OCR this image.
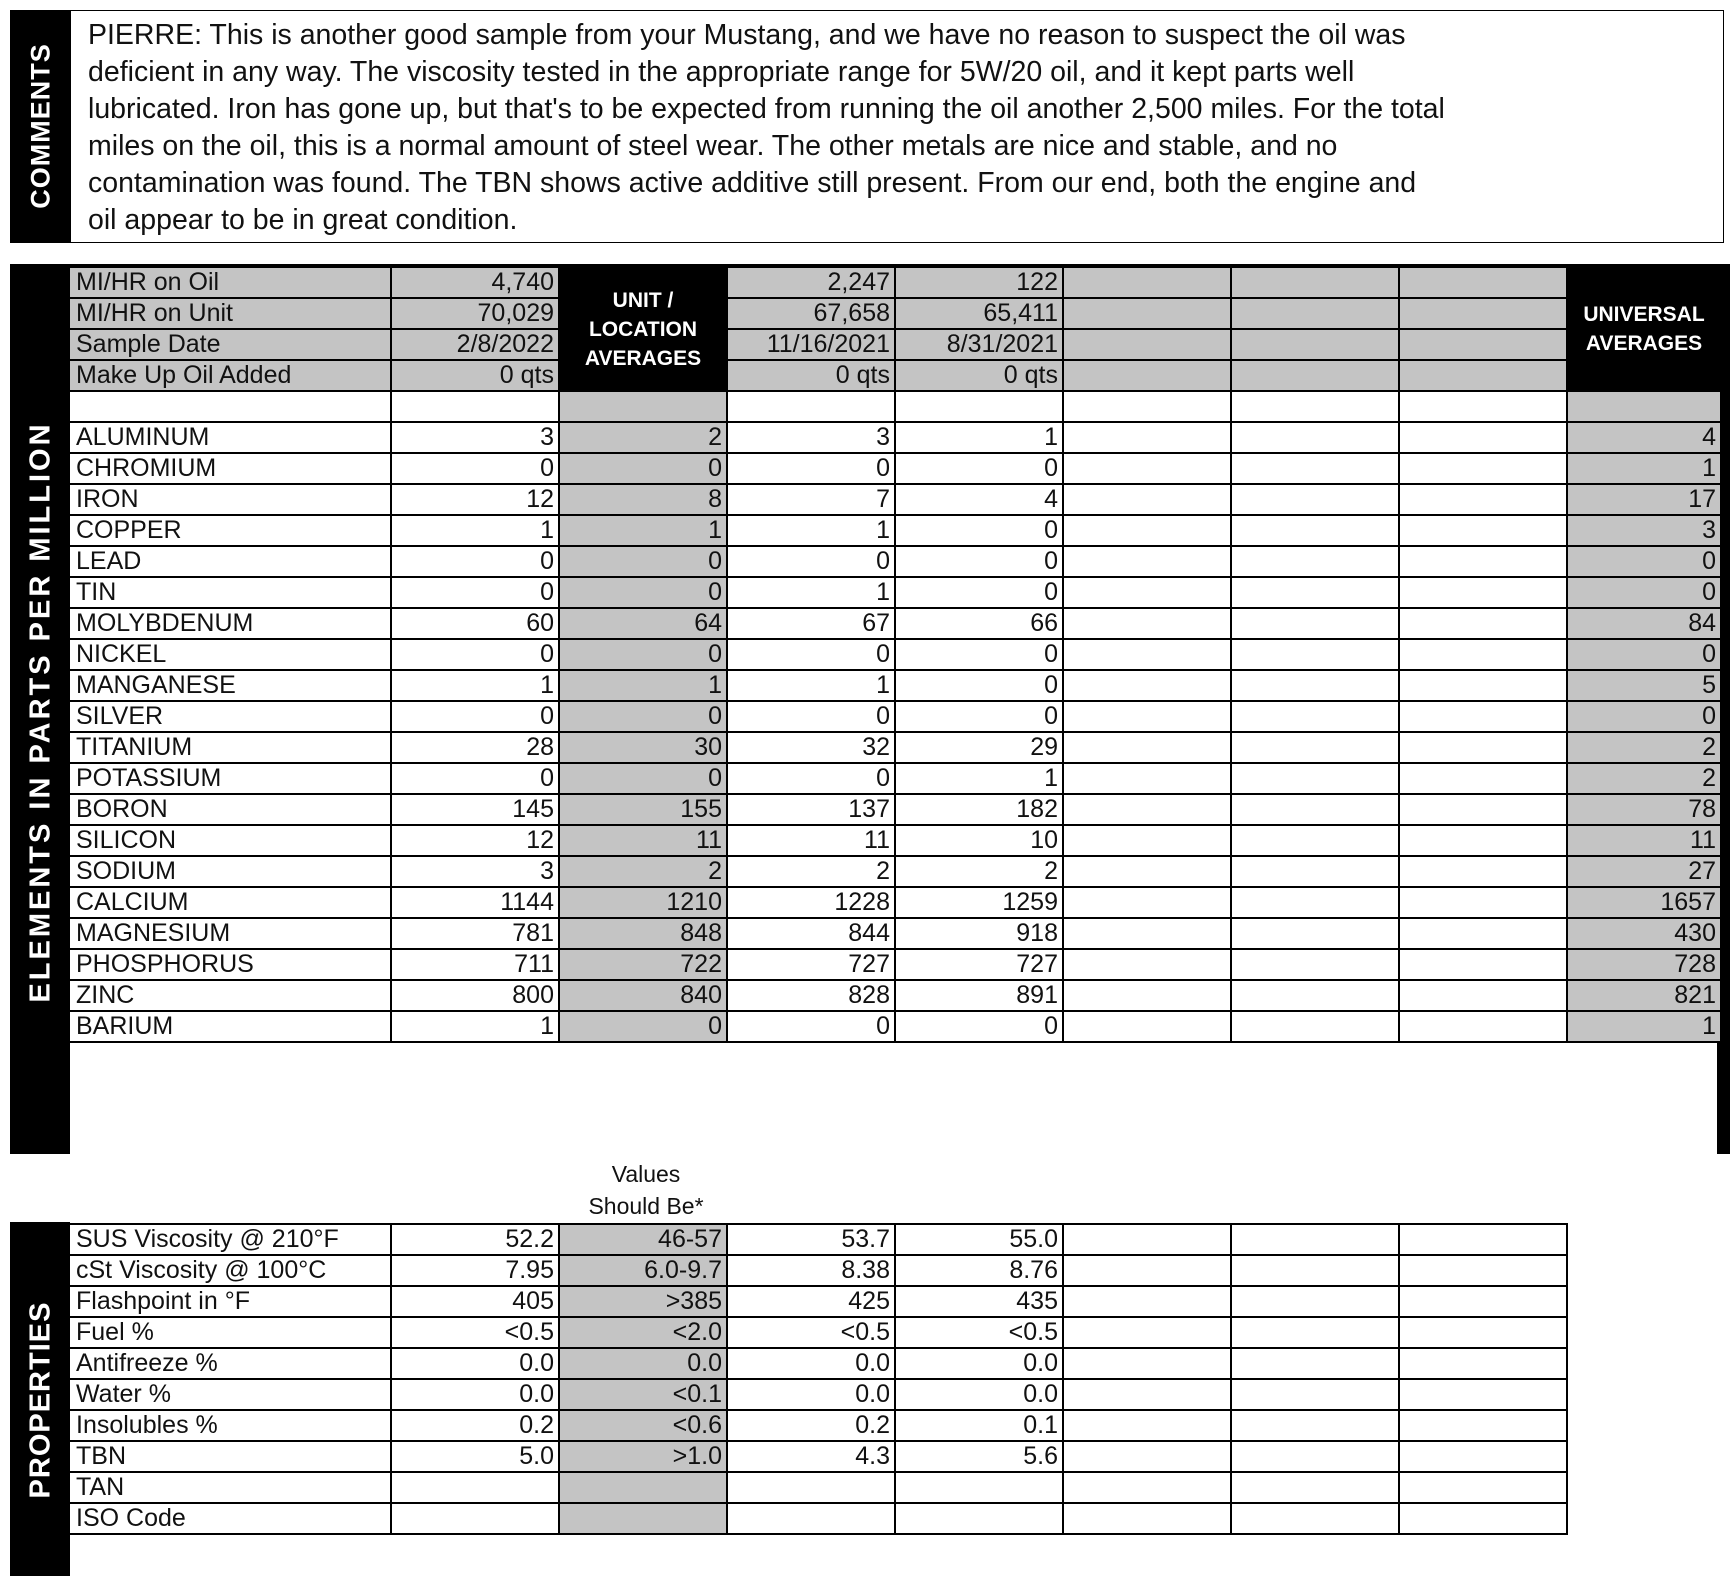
COMMENTS
PIERRE: This is another good sample from your Mustang, and we have no reason to suspect the oil was
deficient in any way. The viscosity tested in the appropriate range for 5W/20 oil, and it kept parts well
lubricated. Iron has gone up, but that's to be expected from running the oil another 2,500 miles. For the total
miles on the oil, this is a normal amount of steel wear. The other metals are nice and stable, and no
contamination was found. The TBN shows active additive still present. From our end, both the engine and
oil appear to be in great condition.
ELEMENTS IN PARTS PER MILLION
MI/HR on Oil	4,740	UNIT / LOCATION AVERAGES	2,247	122				UNIVERSAL AVERAGES
MI/HR on Unit	70,029		67,658	65,411				
Sample Date	2/8/2022		11/16/2021	8/31/2021				
Make Up Oil Added	0 qts		0 qts	0 qts				

ALUMINUM	3	2	3	1				4
CHROMIUM	0	0	0	0				1
IRON	12	8	7	4				17
COPPER	1	1	1	0				3
LEAD	0	0	0	0				0
TIN	0	0	1	0				0
MOLYBDENUM	60	64	67	66				84
NICKEL	0	0	0	0				0
MANGANESE	1	1	1	0				5
SILVER	0	0	0	0				0
TITANIUM	28	30	32	29				2
POTASSIUM	0	0	0	1				2
BORON	145	155	137	182				78
SILICON	12	11	11	10				11
SODIUM	3	2	2	2				27
CALCIUM	1144	1210	1228	1259				1657
MAGNESIUM	781	848	844	918				430
PHOSPHORUS	711	722	727	727				728
ZINC	800	840	828	891				821
BARIUM	1	0	0	0				1
Values
Should Be*
PROPERTIES
SUS Viscosity @ 210°F	52.2	46-57	53.7	55.0			
cSt Viscosity @ 100°C	7.95	6.0-9.7	8.38	8.76			
Flashpoint in °F	405	>385	425	435			
Fuel %	<0.5	<2.0	<0.5	<0.5			
Antifreeze %	0.0	0.0	0.0	0.0			
Water %	0.0	<0.1	0.0	0.0			
Insolubles %	0.2	<0.6	0.2	0.1			
TBN	5.0	>1.0	4.3	5.6			
TAN							
ISO Code							
